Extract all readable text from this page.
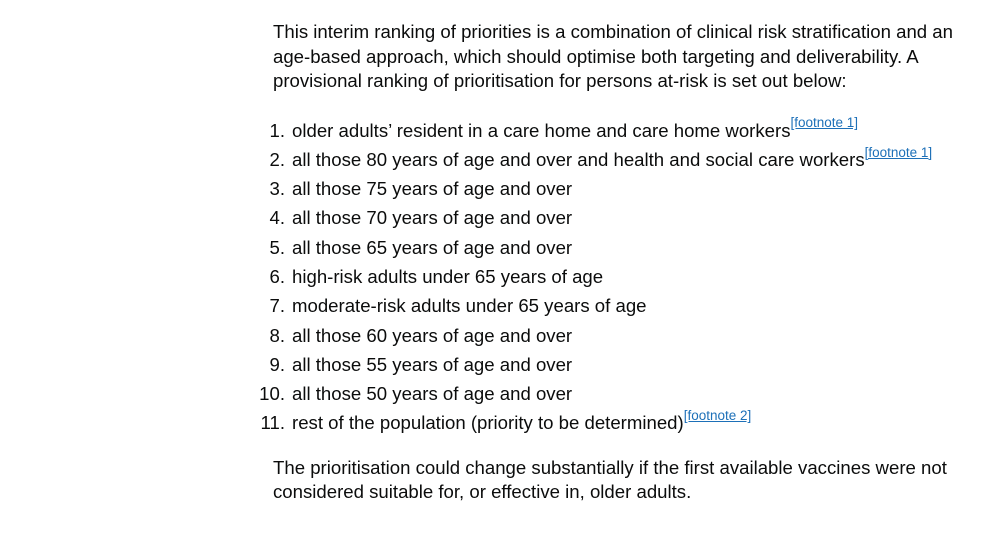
This interim ranking of priorities is a combination of clinical risk stratification and an age-based approach, which should optimise both targeting and deliverability. A provisional ranking of prioritisation for persons at-risk is set out below:

1. older adults’ resident in a care home and care home workers[footnote 1]
2. all those 80 years of age and over and health and social care workers[footnote 1]
3. all those 75 years of age and over
4. all those 70 years of age and over
5. all those 65 years of age and over
6. high-risk adults under 65 years of age
7. moderate-risk adults under 65 years of age
8. all those 60 years of age and over
9. all those 55 years of age and over
10. all those 50 years of age and over
11. rest of the population (priority to be determined)[footnote 2]

The prioritisation could change substantially if the first available vaccines were not considered suitable for, or effective in, older adults.
